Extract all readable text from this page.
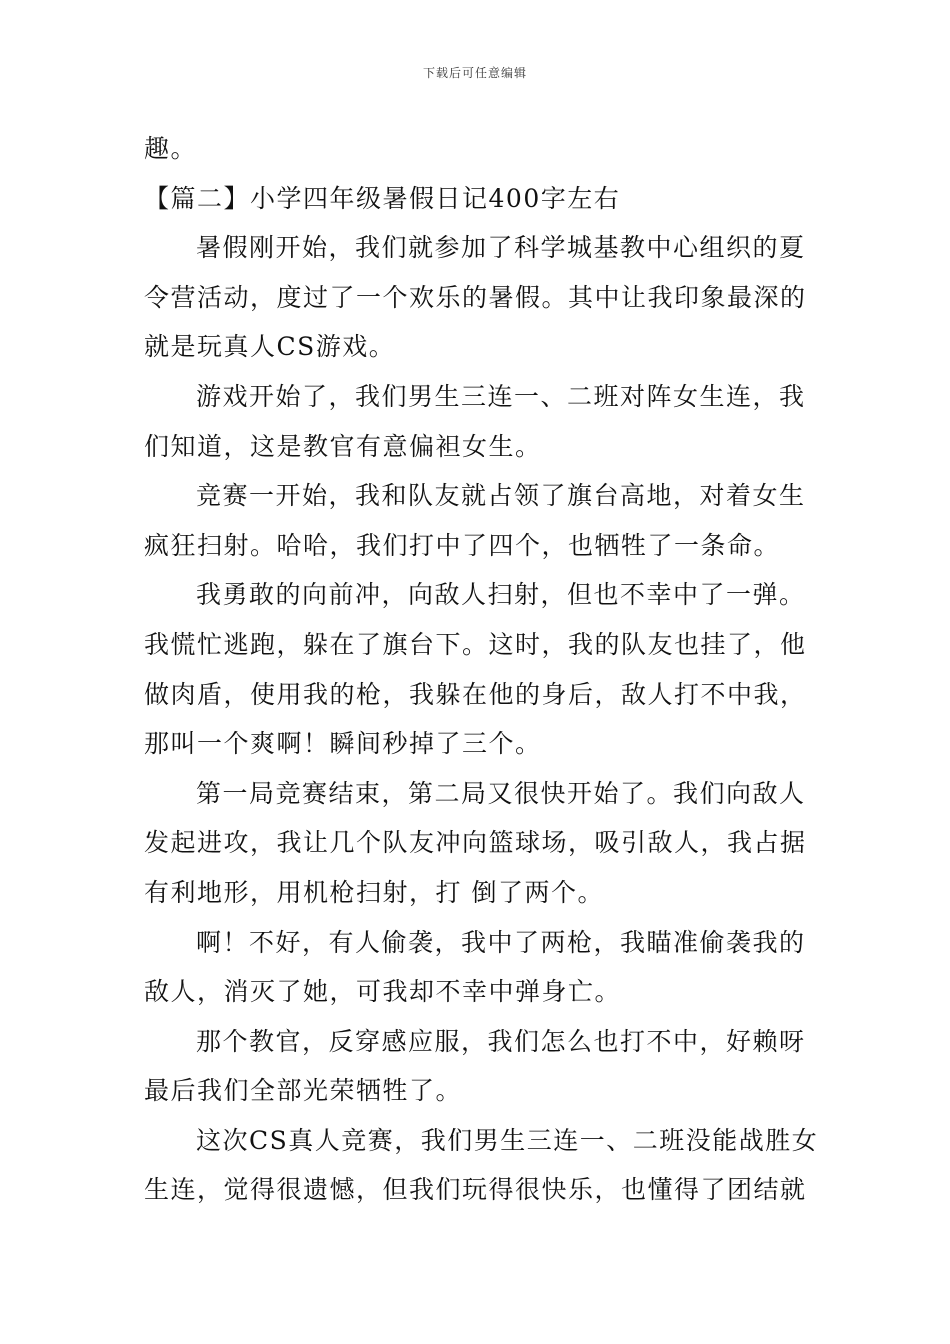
下载后可任意编辑
趣。
【篇二】小学四年级暑假日记400字左右
暑假刚开始，我们就参加了科学城基教中心组织的夏
令营活动，度过了一个欢乐的暑假。其中让我印象最深的
就是玩真人CS游戏。
游戏开始了，我们男生三连一、二班对阵女生连，我
们知道，这是教官有意偏袒女生。
竞赛一开始，我和队友就占领了旗台高地，对着女生
疯狂扫射。哈哈，我们打中了四个，也牺牲了一条命。
我勇敢的向前冲，向敌人扫射，但也不幸中了一弹。
我慌忙逃跑，躲在了旗台下。这时，我的队友也挂了，他
做肉盾，使用我的枪，我躲在他的身后，敌人打不中我，
那叫一个爽啊！瞬间秒掉了三个。
第一局竞赛结束，第二局又很快开始了。我们向敌人
发起进攻，我让几个队友冲向篮球场，吸引敌人，我占据
有利地形，用机枪扫射，打 倒了两个。
啊！不好，有人偷袭，我中了两枪，我瞄准偷袭我的
敌人，消灭了她，可我却不幸中弹身亡。
那个教官，反穿感应服，我们怎么也打不中，好赖呀
最后我们全部光荣牺牲了。
这次CS真人竞赛，我们男生三连一、二班没能战胜女
生连，觉得很遗憾，但我们玩得很快乐，也懂得了团结就
